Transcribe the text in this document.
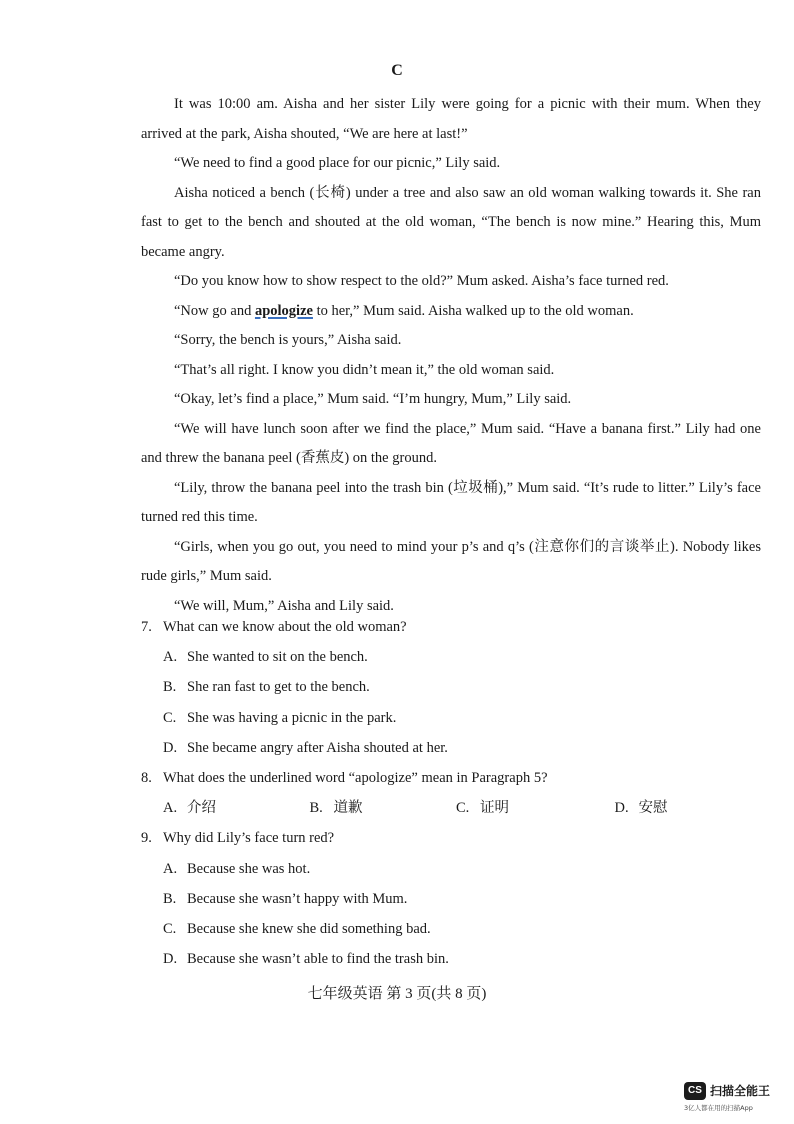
C

It was 10:00 am. Aisha and her sister Lily were going for a picnic with their mum. When they arrived at the park, Aisha shouted, “We are here at last!”

“We need to find a good place for our picnic,” Lily said.

Aisha noticed a bench (长椅) under a tree and also saw an old woman walking towards it. She ran fast to get to the bench and shouted at the old woman, “The bench is now mine.” Hearing this, Mum became angry.

“Do you know how to show respect to the old?” Mum asked. Aisha’s face turned red.

“Now go and apologize to her,” Mum said. Aisha walked up to the old woman.

“Sorry, the bench is yours,” Aisha said.

“That’s all right. I know you didn’t mean it,” the old woman said.

“Okay, let’s find a place,” Mum said. “I’m hungry, Mum,” Lily said.

“We will have lunch soon after we find the place,” Mum said. “Have a banana first.” Lily had one and threw the banana peel (香蕉皮) on the ground.

“Lily, throw the banana peel into the trash bin (垃圾桶),” Mum said. “It’s rude to litter.” Lily’s face turned red this time.

“Girls, when you go out, you need to mind your p’s and q’s (注意你们的言谈举止). Nobody likes rude girls,” Mum said.

“We will, Mum,” Aisha and Lily said.

7. What can we know about the old woman?

A. She wanted to sit on the bench.

B. She ran fast to get to the bench.

C. She was having a picnic in the park.

D. She became angry after Aisha shouted at her.

8. What does the underlined word “apologize” mean in Paragraph 5?

A. 介绍	B. 道歉	C. 证明	D. 安慰

9. Why did Lily’s face turn red?

A. Because she was hot.

B. Because she wasn’t happy with Mum.

C. Because she knew she did something bad.

D. Because she wasn’t able to find the trash bin.

七年级英语 第 3 页(共 8 页)
CS 扫描全能王
3亿人都在用的扫描App
